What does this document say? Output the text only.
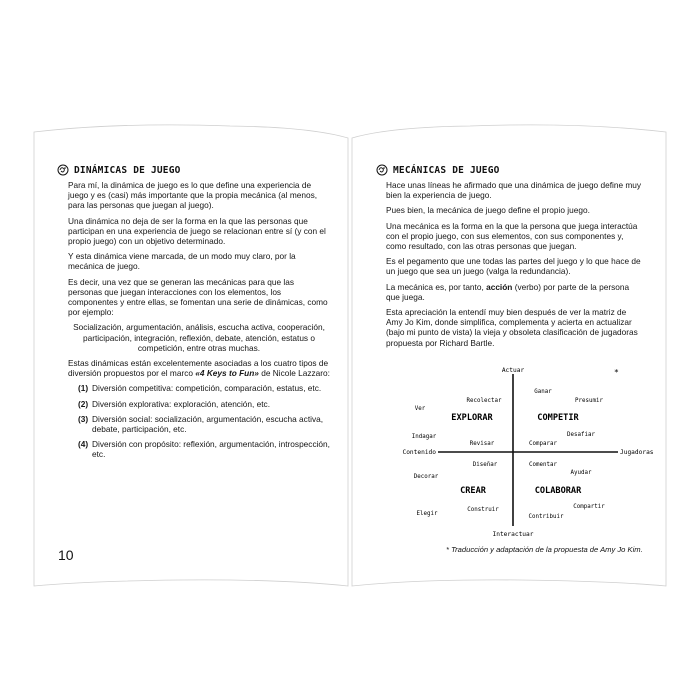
DINÁMICAS DE JUEGO

Para mí, la dinámica de juego es lo que define una experiencia de juego y es (casi) más importante que la propia mecánica (al menos, para las personas que juegan al juego).

Una dinámica no deja de ser la forma en la que las personas que participan en una experiencia de juego se relacionan entre sí (y con el propio juego) con un objetivo determinado.

Y esta dinámica viene marcada, de un modo muy claro, por la mecánica de juego.

Es decir, una vez que se generan las mecánicas para que las personas que juegan interacciones con los elementos, los componentes y entre ellas, se fomentan una serie de dinámicas, como por ejemplo:

Socialización, argumentación, análisis, escucha activa, cooperación, participación, integración, reflexión, debate, atención, estatus o competición, entre otras muchas.

Estas dinámicas están excelentemente asociadas a los cuatro tipos de diversión propuestos por el marco «4 Keys to Fun» de Nicole Lazzaro:

(1) Diversión competitiva: competición, comparación, estatus, etc.
(2) Diversión explorativa: exploración, atención, etc.
(3) Diversión social: socialización, argumentación, escucha activa, debate, participación, etc.
(4) Diversión con propósito: reflexión, argumentación, introspección, etc.
10
MECÁNICAS DE JUEGO

Hace unas líneas he afirmado que una dinámica de juego define muy bien la experiencia de juego.

Pues bien, la mecánica de juego define el propio juego.

Una mecánica es la forma en la que la persona que juega interactúa con el propio juego, con sus elementos, con sus componentes y, como resultado, con las otras personas que juegan.

Es el pegamento que une todas las partes del juego y lo que hace de un juego que sea un juego (valga la redundancia).

La mecánica es, por tanto, acción (verbo) por parte de la persona que juega.

Esta apreciación la entendí muy bien después de ver la matriz de Amy Jo Kim, donde simplifica, complementa y acierta en actualizar (bajo mi punto de vista) la vieja y obsoleta clasificación de jugadoras propuesta por Richard Bartle.

Actuar
Interactuar
Contenido	Jugadoras
*
EXPLORAR	COMPETIR
CREAR	COLABORAR
Ganar
Recolectar	Presumir
Ver
Desafiar
Indagar
Revisar	Comparar
Diseñar	Comentar
Ayudar
Decorar
Compartir
Construir
Elegir	Contribuir
* Traducción y adaptación de la propuesta de Amy Jo Kim.
